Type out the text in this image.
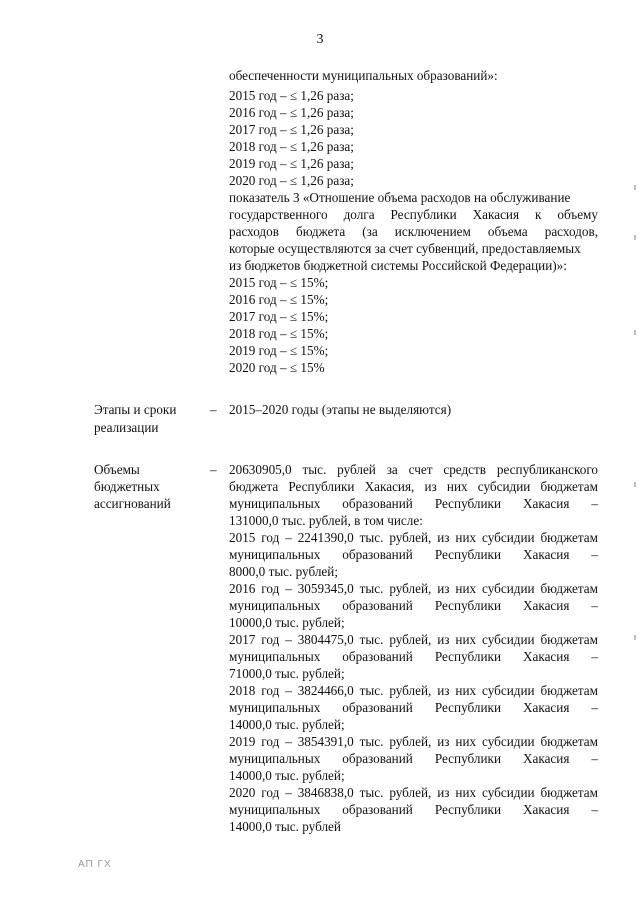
3
обеспеченности муниципальных образований»:
2015 год – ≤ 1,26 раза;
2016 год – ≤ 1,26 раза;
2017 год – ≤ 1,26 раза;
2018 год – ≤ 1,26 раза;
2019 год – ≤ 1,26 раза;
2020 год – ≤ 1,26 раза;
показатель 3 «Отношение объема расходов на обслуживание
государственного долга Республики Хакасия к объему
расходов бюджета (за исключением объема расходов,
которые осуществляются за счет субвенций, предоставляемых
из бюджетов бюджетной системы Российской Федерации)»:
2015 год – ≤ 15%;
2016 год – ≤ 15%;
2017 год – ≤ 15%;
2018 год – ≤ 15%;
2019 год – ≤ 15%;
2020 год – ≤ 15%
Этапы и сроки
реализации
– 2015–2020 годы (этапы не выделяются)
Объемы
бюджетных
ассигнований
– 20630905,0 тыс. рублей за счет средств республиканского
бюджета Республики Хакасия, из них субсидии бюджетам
муниципальных образований Республики Хакасия –
131000,0 тыс. рублей, в том числе:
2015 год – 2241390,0 тыс. рублей, из них субсидии бюджетам
муниципальных образований Республики Хакасия –
8000,0 тыс. рублей;
2016 год – 3059345,0 тыс. рублей, из них субсидии бюджетам
муниципальных образований Республики Хакасия –
10000,0 тыс. рублей;
2017 год – 3804475,0 тыс. рублей, из них субсидии бюджетам
муниципальных образований Республики Хакасия –
71000,0 тыс. рублей;
2018 год – 3824466,0 тыс. рублей, из них субсидии бюджетам
муниципальных образований Республики Хакасия –
14000,0 тыс. рублей;
2019 год – 3854391,0 тыс. рублей, из них субсидии бюджетам
муниципальных образований Республики Хакасия –
14000,0 тыс. рублей;
2020 год – 3846838,0 тыс. рублей, из них субсидии бюджетам
муниципальных образований Республики Хакасия –
14000,0 тыс. рублей
АП ГХ
